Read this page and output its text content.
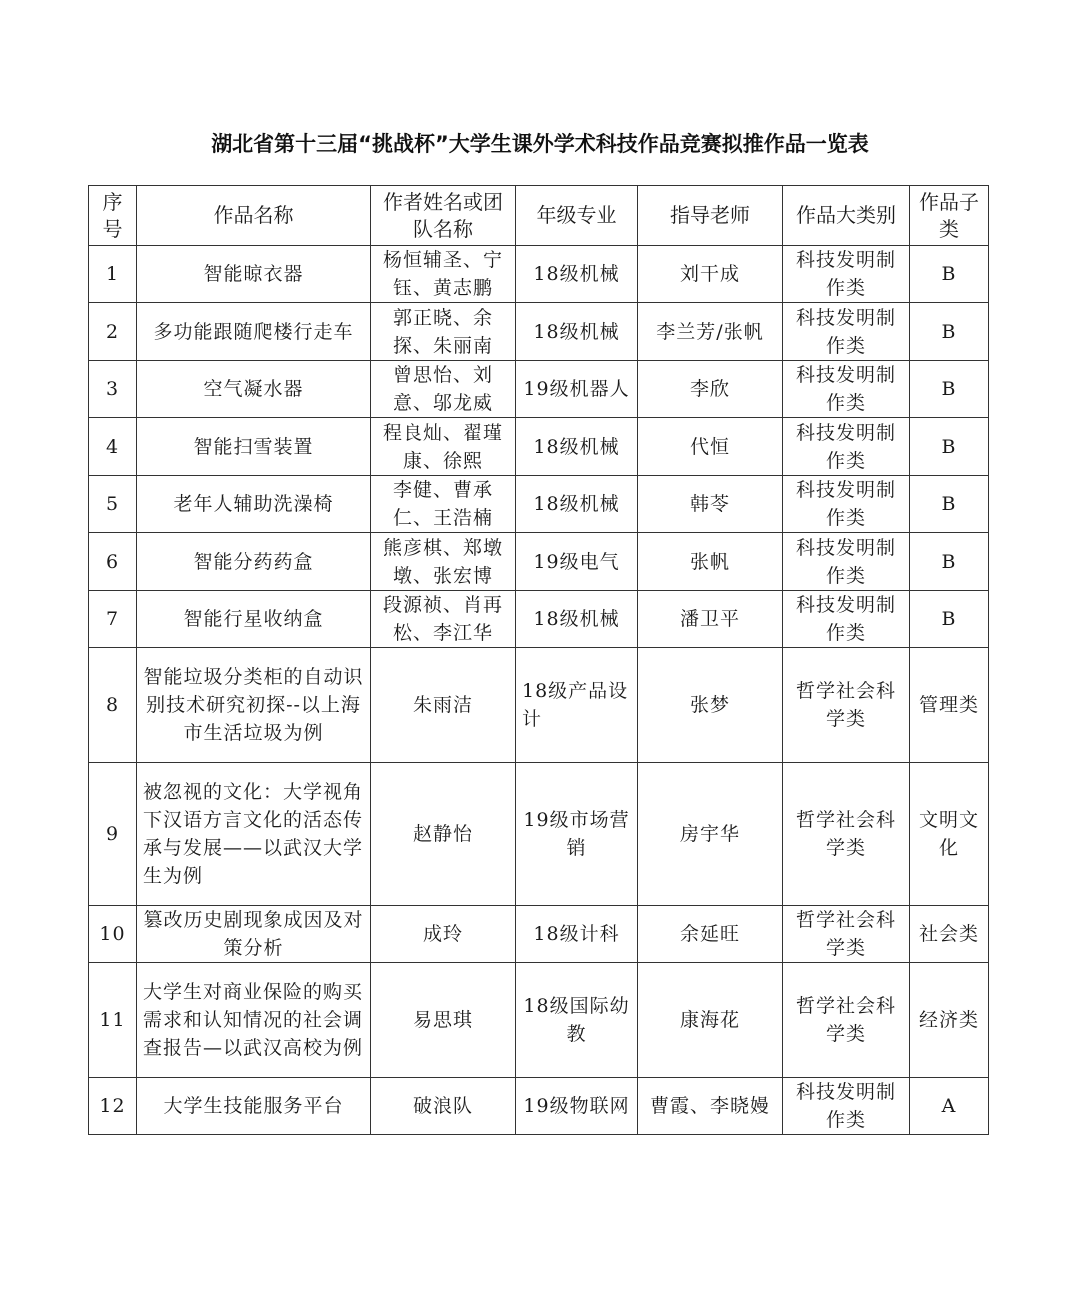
湖北省第十三届“挑战杯”大学生课外学术科技作品竞赛拟推作品一览表
序号	作品名称	作者姓名或团队名称	年级专业	指导老师	作品大类别	作品子类
1	智能晾衣器	杨恒辅圣、宁钰、黄志鹏	18级机械	刘干成	科技发明制作类	B
2	多功能跟随爬楼行走车	郭正晓、余探、朱丽南	18级机械	李兰芳/张帆	科技发明制作类	B
3	空气凝水器	曾思怡、刘意、邬龙威	19级机器人	李欣	科技发明制作类	B
4	智能扫雪装置	程良灿、翟瑾康、徐熙	18级机械	代恒	科技发明制作类	B
5	老年人辅助洗澡椅	李健、曹承仁、王浩楠	18级机械	韩苓	科技发明制作类	B
6	智能分药药盒	熊彦棋、郑墩墩、张宏博	19级电气	张帆	科技发明制作类	B
7	智能行星收纳盒	段源祯、肖再松、李江华	18级机械	潘卫平	科技发明制作类	B
8	智能垃圾分类柜的自动识别技术研究初探--以上海市生活垃圾为例	朱雨洁	18级产品设计	张梦	哲学社会科学类	管理类
9	被忽视的文化：大学视角下汉语方言文化的活态传承与发展——以武汉大学生为例	赵静怡	19级市场营销	房宇华	哲学社会科学类	文明文化
10	篡改历史剧现象成因及对策分析	成玲	18级计科	余延旺	哲学社会科学类	社会类
11	大学生对商业保险的购买需求和认知情况的社会调查报告—以武汉高校为例	易思琪	18级国际幼教	康海花	哲学社会科学类	经济类
12	大学生技能服务平台	破浪队	19级物联网	曹霞、李晓嫚	科技发明制作类	A
